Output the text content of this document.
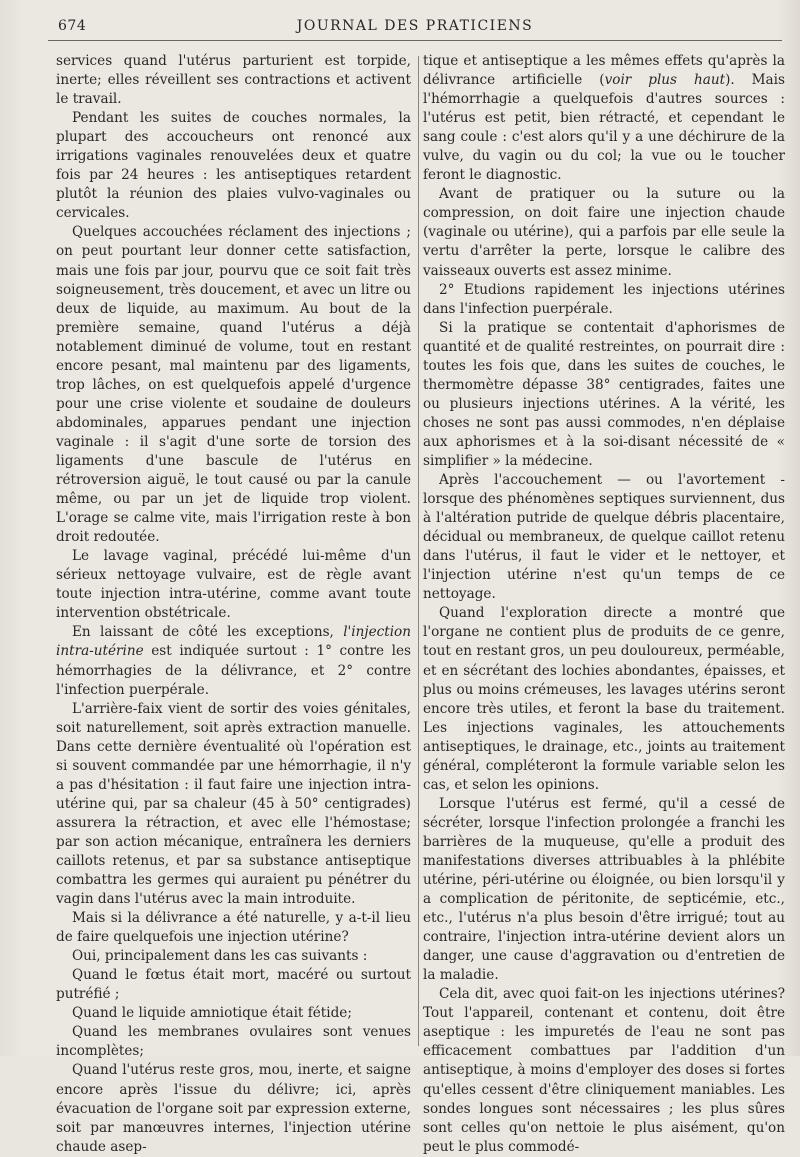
674	JOURNAL DES PRATICIENS

services quand l'utérus parturient est torpide, inerte; elles réveillent ses contractions et activent le travail.

Pendant les suites de couches normales, la plupart des accoucheurs ont renoncé aux irrigations vaginales renouvelées deux et quatre fois par 24 heures : les antiseptiques retardent plutôt la réunion des plaies vulvo-vaginales ou cervicales.

Quelques accouchées réclament des injections ; on peut pourtant leur donner cette satisfaction, mais une fois par jour, pourvu que ce soit fait très soigneusement, très doucement, et avec un litre ou deux de liquide, au maximum. Au bout de la première semaine, quand l'utérus a déjà notablement diminué de volume, tout en restant encore pesant, mal maintenu par des ligaments, trop lâches, on est quelquefois appelé d'urgence pour une crise violente et soudaine de douleurs abdominales, apparues pendant une injection vaginale : il s'agit d'une sorte de torsion des ligaments d'une bascule de l'utérus en rétroversion aiguë, le tout causé ou par la canule même, ou par un jet de liquide trop violent. L'orage se calme vite, mais l'irrigation reste à bon droit redoutée.

Le lavage vaginal, précédé lui-même d'un sérieux nettoyage vulvaire, est de règle avant toute injection intra-utérine, comme avant toute intervention obstétricale.

En laissant de côté les exceptions, l'injection intra-utérine est indiquée surtout : 1° contre les hémorrhagies de la délivrance, et 2° contre l'infection puerpérale.

L'arrière-faix vient de sortir des voies génitales, soit naturellement, soit après extraction manuelle. Dans cette dernière éventualité où l'opération est si souvent commandée par une hémorrhagie, il n'y a pas d'hésitation : il faut faire une injection intra-utérine qui, par sa chaleur (45 à 50° centigrades) assurera la rétraction, et avec elle l'hémostase; par son action mécanique, entraînera les derniers caillots retenus, et par sa substance antiseptique combattra les germes qui auraient pu pénétrer du vagin dans l'utérus avec la main introduite.

Mais si la délivrance a été naturelle, y a-t-il lieu de faire quelquefois une injection utérine?

Oui, principalement dans les cas suivants :

Quand le fœtus était mort, macéré ou surtout putréfié ;

Quand le liquide amniotique était fétide;

Quand les membranes ovulaires sont venues incomplètes;

Quand l'utérus reste gros, mou, inerte, et saigne encore après l'issue du délivre; ici, après évacuation de l'organe soit par expression externe, soit par manœuvres internes, l'injection utérine chaude asep-

tique et antiseptique a les mêmes effets qu'après la délivrance artificielle (voir plus haut). Mais l'hémorrhagie a quelquefois d'autres sources : l'utérus est petit, bien rétracté, et cependant le sang coule : c'est alors qu'il y a une déchirure de la vulve, du vagin ou du col; la vue ou le toucher feront le diagnostic.

Avant de pratiquer ou la suture ou la compression, on doit faire une injection chaude (vaginale ou utérine), qui a parfois par elle seule la vertu d'arrêter la perte, lorsque le calibre des vaisseaux ouverts est assez minime.

2° Etudions rapidement les injections utérines dans l'infection puerpérale.

Si la pratique se contentait d'aphorismes de quantité et de qualité restreintes, on pourrait dire : toutes les fois que, dans les suites de couches, le thermomètre dépasse 38° centigrades, faites une ou plusieurs injections utérines. A la vérité, les choses ne sont pas aussi commodes, n'en déplaise aux aphorismes et à la soi-disant nécessité de « simplifier » la médecine.

Après l'accouchement — ou l'avortement - lorsque des phénomènes septiques surviennent, dus à l'altération putride de quelque débris placentaire, décidual ou membraneux, de quelque caillot retenu dans l'utérus, il faut le vider et le nettoyer, et l'injection utérine n'est qu'un temps de ce nettoyage.

Quand l'exploration directe a montré que l'organe ne contient plus de produits de ce genre, tout en restant gros, un peu douloureux, perméable, et en sécrétant des lochies abondantes, épaisses, et plus ou moins crémeuses, les lavages utérins seront encore très utiles, et feront la base du traitement. Les injections vaginales, les attouchements antiseptiques, le drainage, etc., joints au traitement général, compléteront la formule variable selon les cas, et selon les opinions.

Lorsque l'utérus est fermé, qu'il a cessé de sécréter, lorsque l'infection prolongée a franchi les barrières de la muqueuse, qu'elle a produit des manifestations diverses attribuables à la phlébite utérine, péri-utérine ou éloignée, ou bien lorsqu'il y a complication de péritonite, de septicémie, etc., etc., l'utérus n'a plus besoin d'être irrigué; tout au contraire, l'injection intra-utérine devient alors un danger, une cause d'aggravation ou d'entretien de la maladie.

Cela dit, avec quoi fait-on les injections utérines? Tout l'appareil, contenant et contenu, doit être aseptique : les impuretés de l'eau ne sont pas efficacement combattues par l'addition d'un antiseptique, à moins d'employer des doses si fortes qu'elles cessent d'être cliniquement maniables. Les sondes longues sont nécessaires ; les plus sûres sont celles qu'on nettoie le plus aisément, qu'on peut le plus commodé-
